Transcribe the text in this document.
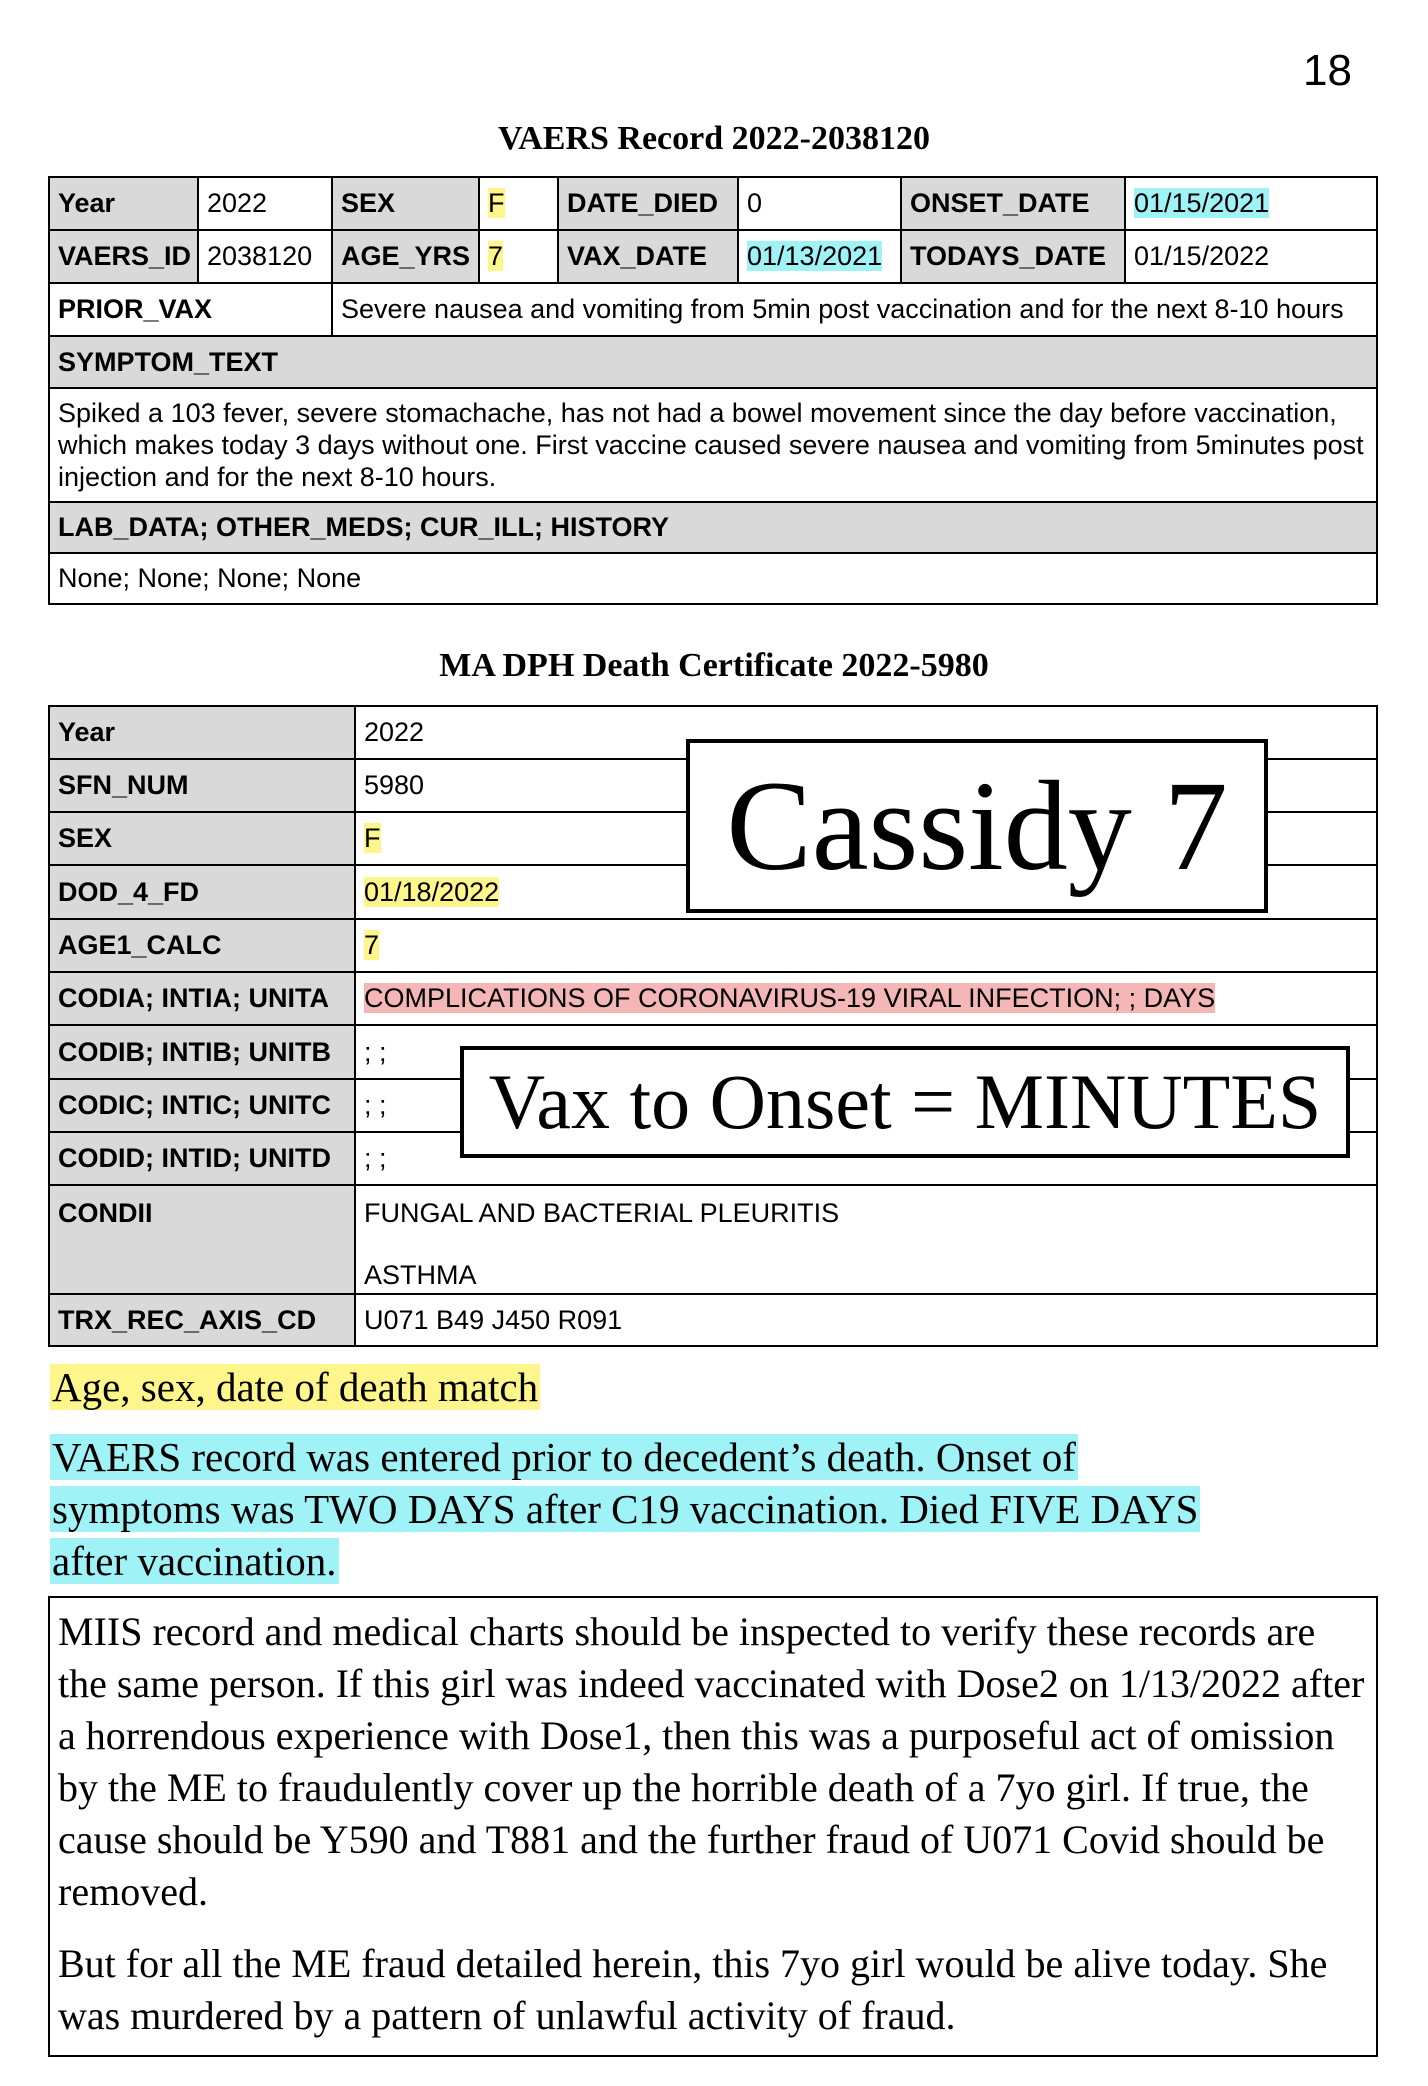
18
VAERS Record 2022-2038120
Year	2022	SEX	F	DATE_DIED	0	ONSET_DATE	01/15/2021
VAERS_ID	2038120	AGE_YRS	7	VAX_DATE	01/13/2021	TODAYS_DATE	01/15/2022
PRIOR_VAX		Severe nausea and vomiting from 5min post vaccination and for the next 8-10 hours					
SYMPTOM_TEXT							
Spiked a 103 fever, severe stomachache, has not had a bowel movement since the day before vaccination, which makes today 3 days without one. First vaccine caused severe nausea and vomiting from 5minutes post injection and for the next 8-10 hours.							
LAB_DATA; OTHER_MEDS; CUR_ILL; HISTORY							
None; None; None; None							
MA DPH Death Certificate 2022-5980
Year	2022
SFN_NUM	5980
SEX	F
DOD_4_FD	01/18/2022
AGE1_CALC	7
CODIA; INTIA; UNITA	COMPLICATIONS OF CORONAVIRUS-19 VIRAL INFECTION; ; DAYS
CODIB; INTIB; UNITB	; ;
CODIC; INTIC; UNITC	; ;
CODID; INTID; UNITD	; ;
CONDII	FUNGAL AND BACTERIAL PLEURITIS
ASTHMA

TRX_REC_AXIS_CD	U071 B49 J450 R091
Cassidy 7
Vax to Onset = MINUTES
Age, sex, date of death match
VAERS record was entered prior to decedent’s death. Onset of
symptoms was TWO DAYS after C19 vaccination. Died FIVE DAYS
after vaccination.

MIIS record and medical charts should be inspected to verify these records are the same person. If this girl was indeed vaccinated with Dose2 on 1/13/2022 after a horrendous experience with Dose1, then this was a purposeful act of omission by the ME to fraudulently cover up the horrible death of a 7yo girl. If true, the cause should be Y590 and T881 and the further fraud of U071 Covid should be removed.

But for all the ME fraud detailed herein, this 7yo girl would be alive today. She was murdered by a pattern of unlawful activity of fraud.
